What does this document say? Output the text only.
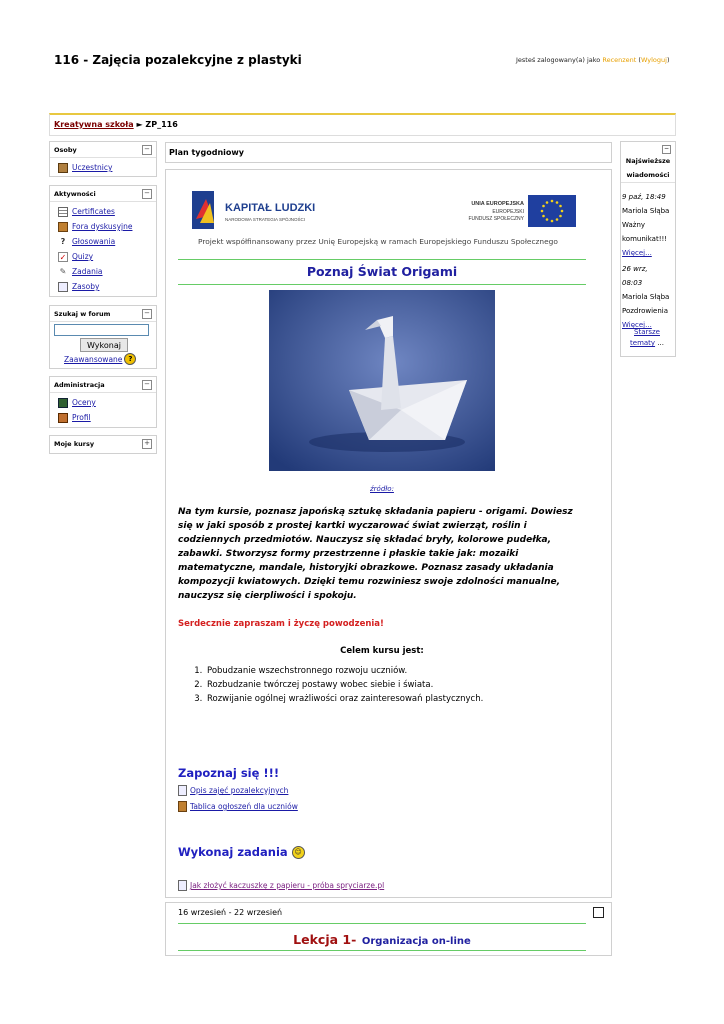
116 - Zajęcia pozalekcyjne z plastyki	Jesteś zalogowany(a) jako Recenzent (Wyloguj)
Kreatywna szkoła ► ZP_116
Osoby	−
Uczestnicy
Aktywności	−
Certificates
Fora dyskusyjne
? Głosowania
✓ Quizy
✎ Zadania
Zasoby
Szukaj w forum	−
Wykonaj
Zaawansowane ?
Administracja	−
Oceny
Profil
Moje kursy	+
Plan tygodniowy
KAPITAŁ LUDZKI
NARODOWA STRATEGIA SPÓJNOŚCI
UNIA EUROPEJSKA
EUROPEJSKI
FUNDUSZ SPOŁECZNY
Projekt współfinansowany przez Unię Europejską w ramach Europejskiego Funduszu Społecznego
Poznaj Świat Origami
źródło:
Na tym kursie, poznasz japońską sztukę składania papieru - origami. Dowiesz się w jaki sposób z prostej kartki wyczarować świat zwierząt, roślin i codziennych przedmiotów. Nauczysz się składać bryły, kolorowe pudełka, zabawki. Stworzysz formy przestrzenne i płaskie takie jak: mozaiki matematyczne, mandale, historyjki obrazkowe. Poznasz zasady układania kompozycji kwiatowych. Dzięki temu rozwiniesz swoje zdolności manualne, nauczysz się cierpliwości i spokoju.
Serdecznie zapraszam i życzę powodzenia!
Celem kursu jest:
1. Pobudzanie wszechstronnego rozwoju uczniów.
2. Rozbudzanie twórczej postawy wobec siebie i świata.
3. Rozwijanie ogólnej wrażliwości oraz zainteresowań plastycznych.
Zapoznaj się !!!
Opis zajęć pozalekcyjnych
Tablica ogłoszeń dla uczniów
Wykonaj zadania ☺
Jak złożyć kaczuszkę z papieru - próba spryciarze.pl
16 wrzesień - 22 wrzesień
Lekcja 1- Organizacja on-line
−
Najświeższe
wiadomości
9 paź, 18:49
Mariola Słąba
Ważny
komunikat!!!
Więcej...
26 wrz,
08:03
Mariola Słąba
Pozdrowienia
Więcej...
Starsze
tematy ...
